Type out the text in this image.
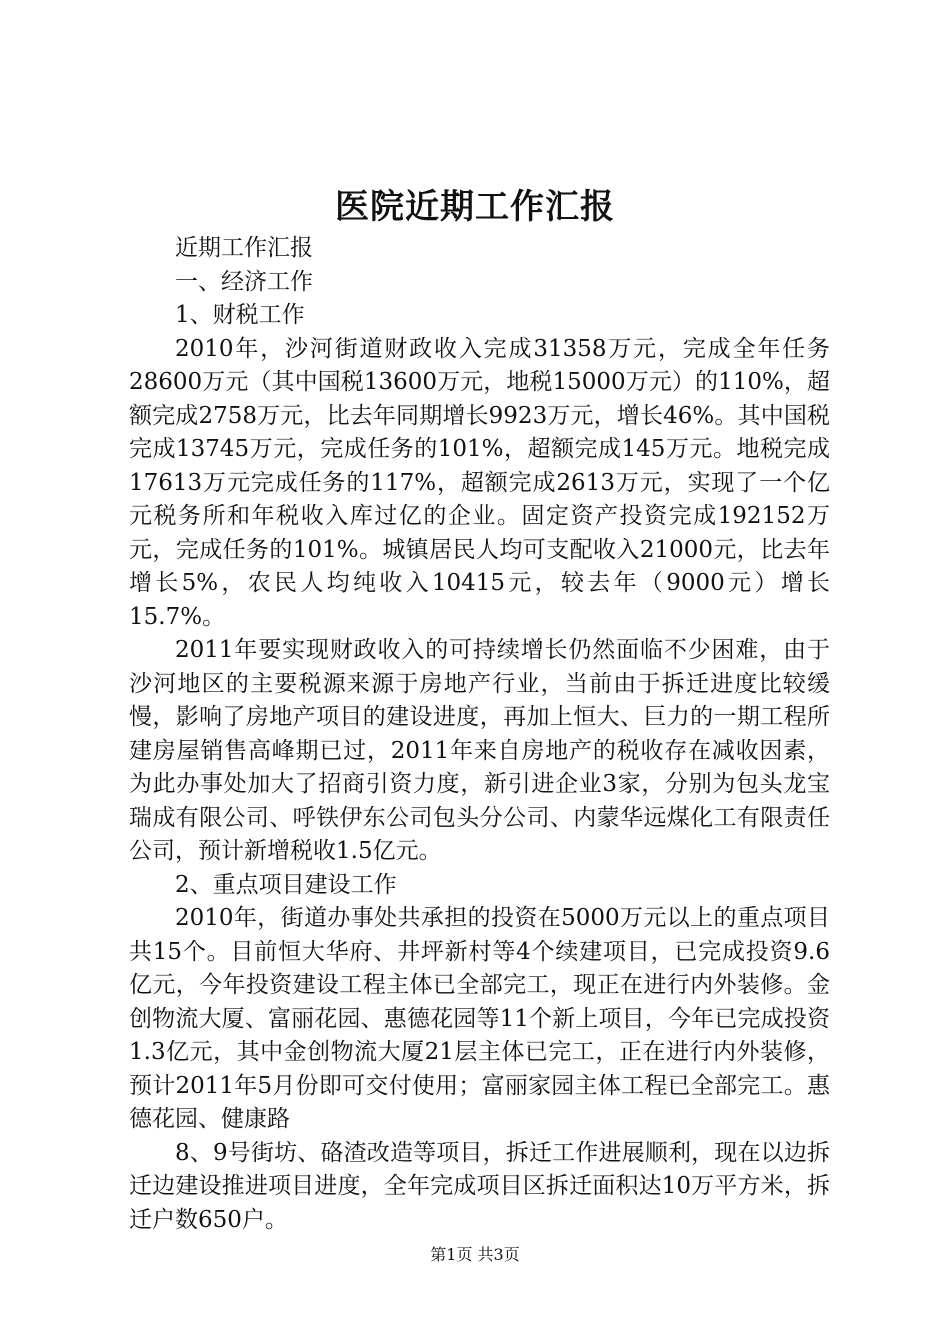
医院近期工作汇报

近期工作汇报

一、经济工作

1、财税工作

2010年，沙河街道财政收入完成31358万元，完成全年任务28600万元（其中国税13600万元，地税15000万元）的110%，超额完成2758万元，比去年同期增长9923万元，增长46%。其中国税完成13745万元，完成任务的101%，超额完成145万元。地税完成17613万元完成任务的117%，超额完成2613万元，实现了一个亿元税务所和年税收入库过亿的企业。固定资产投资完成192152万元，完成任务的101%。城镇居民人均可支配收入21000元，比去年增长5%，农民人均纯收入10415元，较去年（9000元）增长15.7%。

2011年要实现财政收入的可持续增长仍然面临不少困难，由于沙河地区的主要税源来源于房地产行业，当前由于拆迁进度比较缓慢，影响了房地产项目的建设进度，再加上恒大、巨力的一期工程所建房屋销售高峰期已过，2011年来自房地产的税收存在减收因素，为此办事处加大了招商引资力度，新引进企业3家，分别为包头龙宝瑞成有限公司、呼铁伊东公司包头分公司、内蒙华远煤化工有限责任公司，预计新增税收1.5亿元。

2、重点项目建设工作

2010年，街道办事处共承担的投资在5000万元以上的重点项目共15个。目前恒大华府、井坪新村等4个续建项目，已完成投资9.6亿元，今年投资建设工程主体已全部完工，现正在进行内外装修。金创物流大厦、富丽花园、惠德花园等11个新上项目，今年已完成投资1.3亿元，其中金创物流大厦21层主体已完工，正在进行内外装修，预计2011年5月份即可交付使用；富丽家园主体工程已全部完工。惠德花园、健康路

8、9号街坊、硌渣改造等项目，拆迁工作进展顺利，现在以边拆迁边建设推进项目进度，全年完成项目区拆迁面积达10万平方米，拆迁户数650户。

第1页 共3页
